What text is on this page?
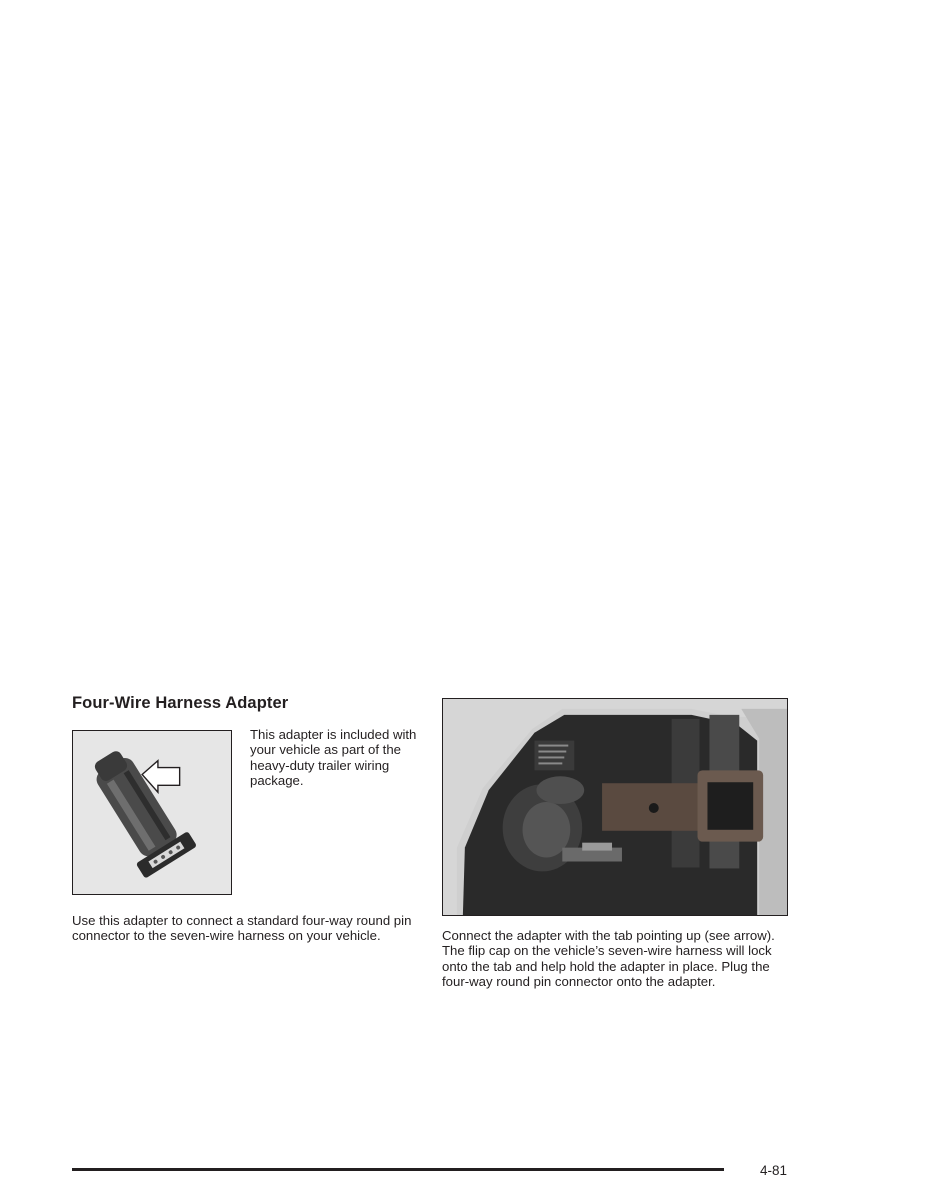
Four-Wire Harness Adapter

This adapter is included with your vehicle as part of the heavy-duty trailer wiring package.

Use this adapter to connect a standard four-way round pin connector to the seven-wire harness on your vehicle.	Connect the adapter with the tab pointing up (see arrow). The flip cap on the vehicle’s seven-wire harness will lock onto the tab and help hold the adapter in place. Plug the four-way round pin connector onto the adapter.

4-81
